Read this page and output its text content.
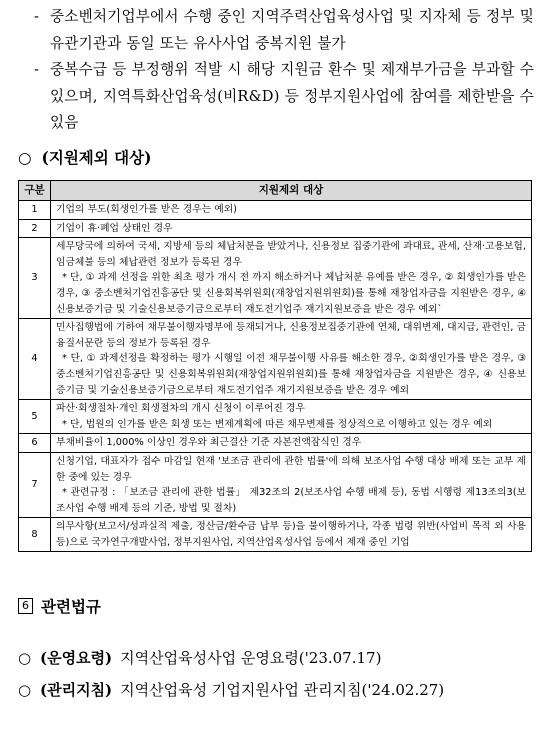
- 중소벤처기업부에서 수행 중인 지역주력산업육성사업 및 지자체 등 정부 및 유관기관과 동일 또는 유사사업 중복지원 불가
- 중복수급 등 부정행위 적발 시 해당 지원금 환수 및 제재부가금을 부과할 수 있으며, 지역특화산업육성(비R&D) 등 정부지원사업에 참여를 제한받을 수 있음
○ (지원제외 대상)
구분	지원제외 대상
1	기업의 부도(회생인가를 받은 경우는 예외)

2	기업이 휴·폐업 상태인 경우

3	세무당국에 의하여 국세, 지방세 등의 체납처분을 받았거나, 신용정보 집중기관에 과대료, 관세, 산재·고용보험, 임금체불 등의 체납관련 정보가 등록된 경우
* 단, ① 과제 선정을 위한 최초 평가 개시 전 까지 해소하거나 체납처분 유예를 받은 경우, ② 회생인가를 받은 경우, ③ 중소벤처기업진흥공단 및 신용회복위원회(재창업지원위원회)를 통해 재창업자금을 지원받은 경우, ④ 신용보증기금 및 기술신용보증기금으로부터 재도전기업주 재기지원보증을 받은 경우 예외`

4	민사집행법에 기하여 채무불이행자명부에 등재되거나, 신용정보집중기관에 연체, 대위변제, 대지급, 관련인, 금융질서문란 등의 정보가 등록된 경우
* 단, ① 과제선정을 확정하는 평가 시행일 이전 채무불이행 사유를 해소한 경우, ②회생인가를 받은 경우, ③ 중소벤처기업진흥공단 및 신용회복위원회(재창업지원위원회)를 통해 재창업자금을 지원받은 경우, ④ 신용보증기금 및 기술신용보증기금으로부터 재도전기업주 재기지원보증을 받은 경우 예외

5	파산·회생절차·개인 회생절차의 개시 신청이 이루어진 경우
* 단, 법원의 인가를 받은 회생 또는 변제계획에 따른 채무변제를 정상적으로 이행하고 있는 경우 예외

6	부채비율이 1,000% 이상인 경우와 최근결산 기준 자본전액잠식인 경우

7	신청기업, 대표자가 접수 마감일 현재 '보조금 관리에 관한 법률'에 의해 보조사업 수행 대상 배제 또는 교부 제한 중에 있는 경우
* 관련규정 : 「보조금 관리에 관한 법률」 제32조의 2(보조사업 수행 배제 등), 동법 시행령 제13조의3(보조사업 수행 배제 등의 기준, 방법 및 절차)

8	의무사항(보고서/성과실적 제출, 정산금/환수금 납부 등)을 불이행하거나, 각종 법령 위반(사업비 목적 외 사용 등)으로 국가연구개발사업, 정부지원사업, 지역산업육성사업 등에서 제재 중인 기업
6 관련법규
○ (운영요령) 지역산업육성사업 운영요령('23.07.17)
○ (관리지침) 지역산업육성 기업지원사업 관리지침('24.02.27)
